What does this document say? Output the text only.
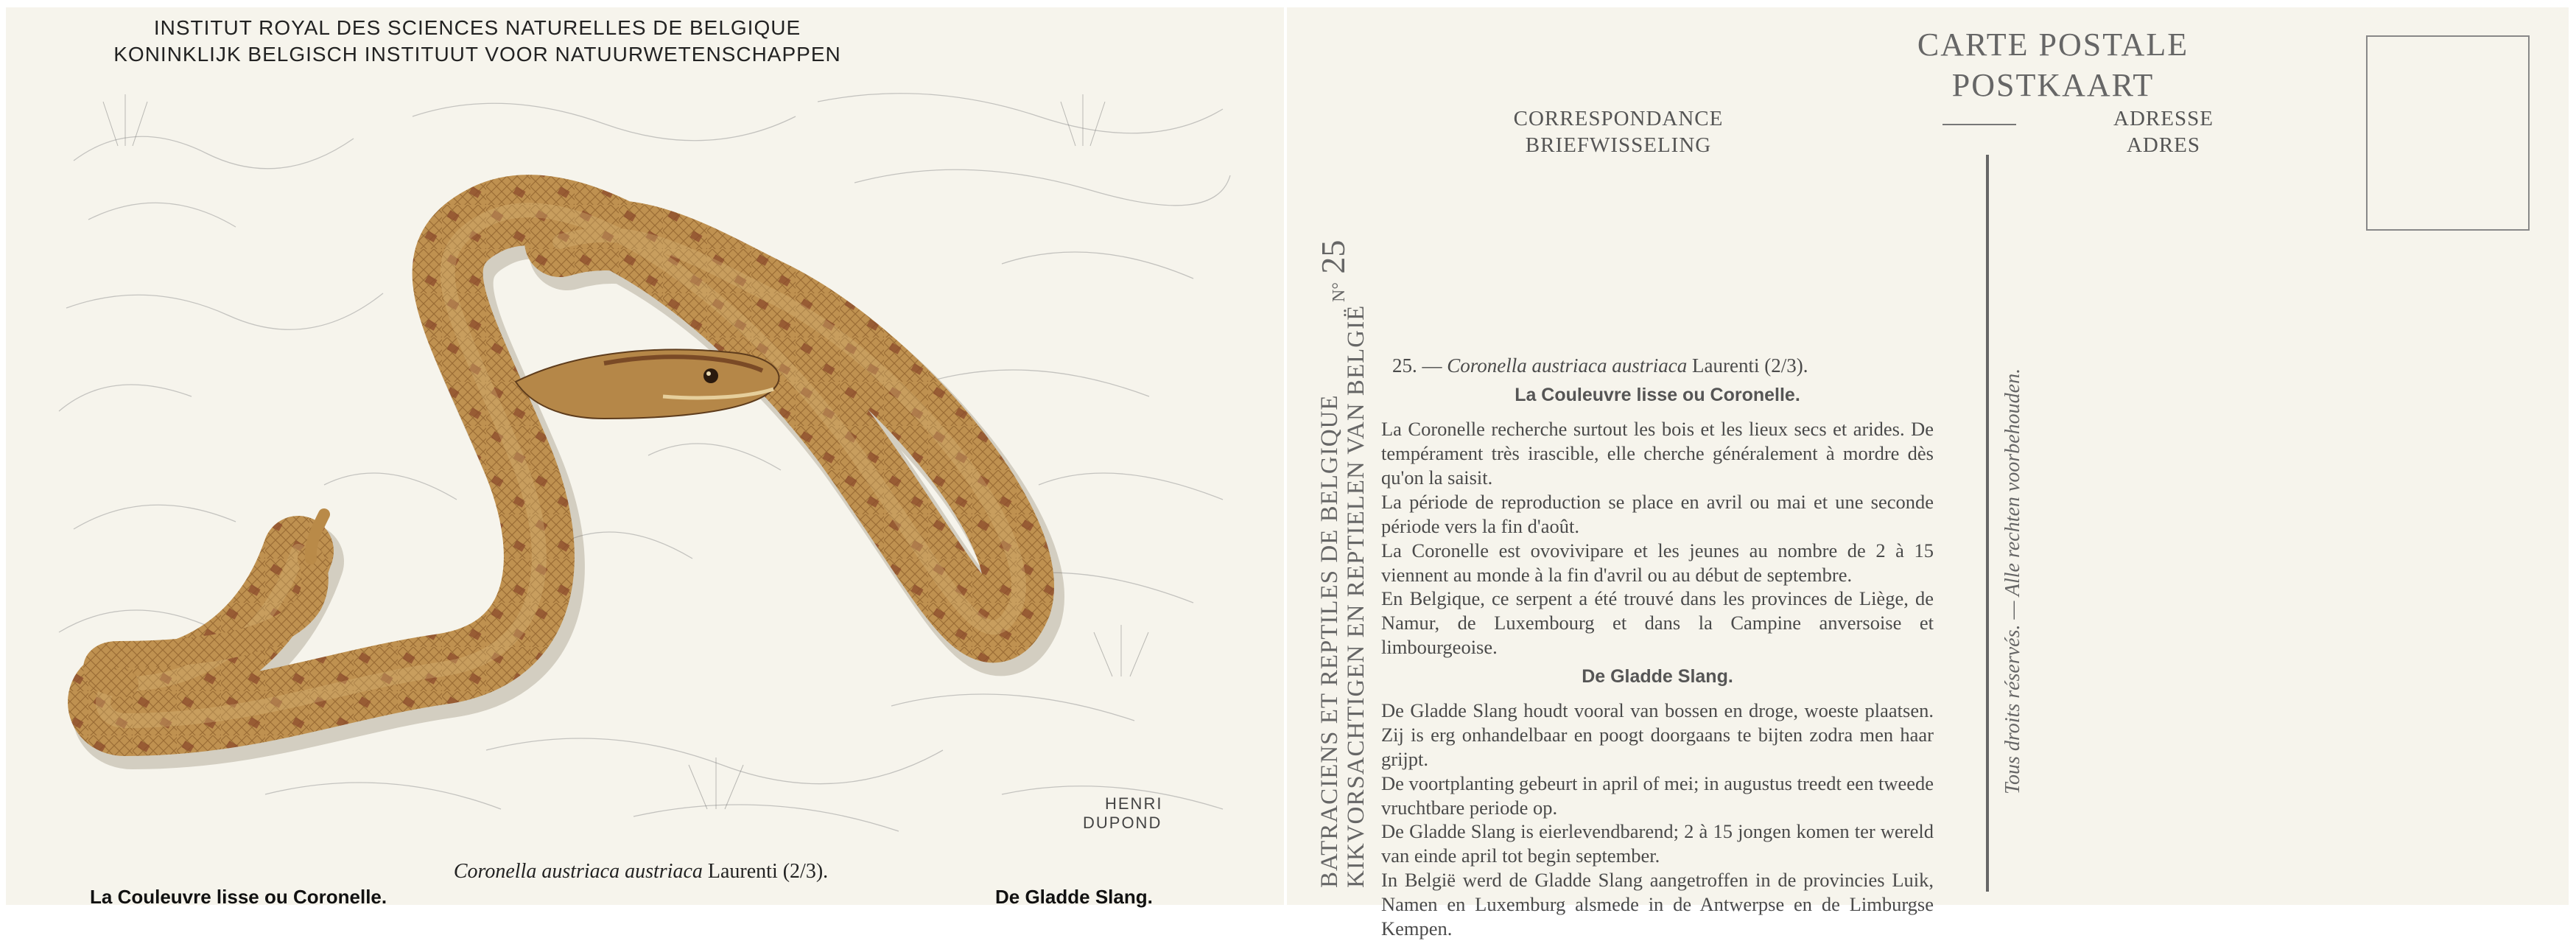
INSTITUT ROYAL DES SCIENCES NATURELLES DE BELGIQUE
KONINKLIJK BELGISCH INSTITUUT VOOR NATUURWETENSCHAPPEN
HENRI
DUPOND
Coronella austriaca austriaca Laurenti (2/3).
La Couleuvre lisse ou Coronelle.	De Gladde Slang.
CARTE POSTALE
POSTKAART
CORRESPONDANCE
BRIEFWISSELING
ADRESSE
ADRES
BATRACIENS ET REPTILES DE BELGIQUE KIKVORSACHTIGEN EN REPTIELEN VAN BELGIË
N° 25
Tous droits réservés. — Alle rechten voorbehouden.
25. — Coronella austriaca austriaca Laurenti (2/3).
La Couleuvre lisse ou Coronelle.

La Coronelle recherche surtout les bois et les lieux secs et arides. De tempérament très irascible, elle cherche généralement à mordre dès qu'on la saisit.

La période de reproduction se place en avril ou mai et une seconde période vers la fin d'août.

La Coronelle est ovovivipare et les jeunes au nombre de 2 à 15 viennent au monde à la fin d'avril ou au début de septembre.

En Belgique, ce serpent a été trouvé dans les provinces de Liège, de Namur, de Luxembourg et dans la Campine anversoise et limbourgeoise.

De Gladde Slang.

De Gladde Slang houdt vooral van bossen en droge, woeste plaatsen. Zij is erg onhandelbaar en poogt doorgaans te bijten zodra men haar grijpt.

De voortplanting gebeurt in april of mei; in augustus treedt een tweede vruchtbare periode op.

De Gladde Slang is eierlevendbarend; 2 à 15 jongen komen ter wereld van einde april tot begin september.

In België werd de Gladde Slang aangetroffen in de provincies Luik, Namen en Luxemburg alsmede in de Antwerpse en de Limburgse Kempen.
